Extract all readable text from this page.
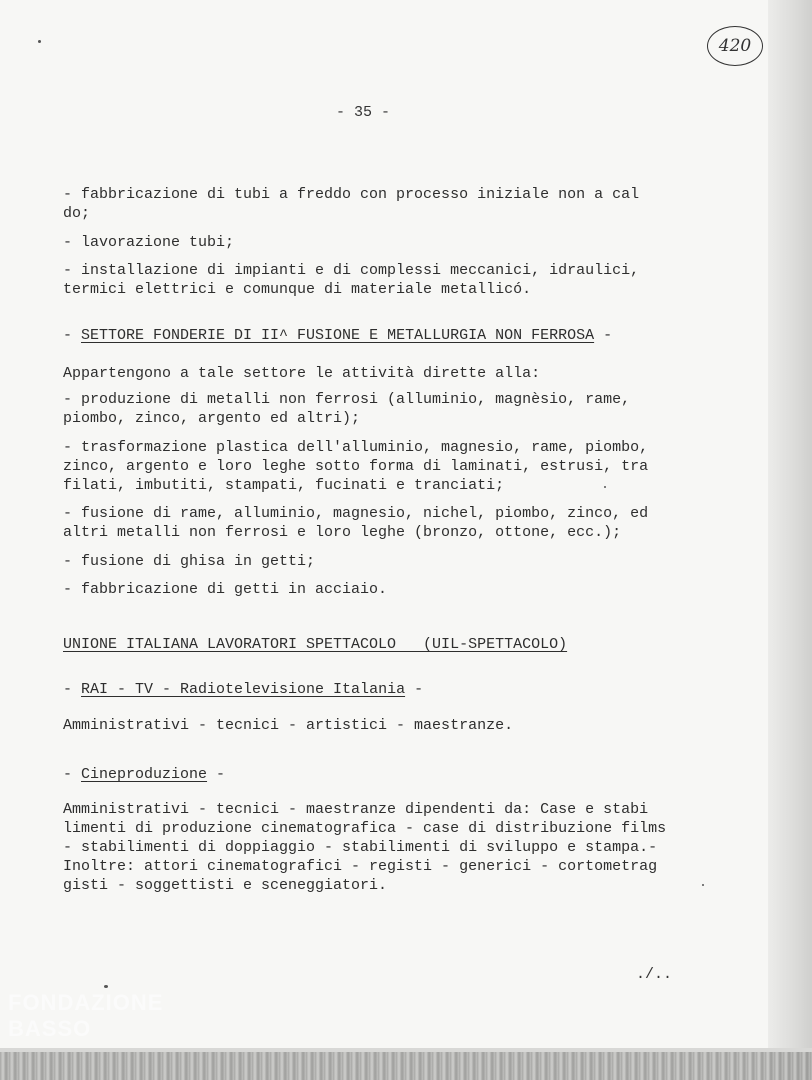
420
- 35 -
- fabbricazione di tubi a freddo con processo iniziale non a cal
do;
- lavorazione tubi;
- installazione di impianti e di complessi meccanici, idraulici,
termici elettrici e comunque di materiale metallicó.
- SETTORE FONDERIE DI II^ FUSIONE E METALLURGIA NON FERROSA -
Appartengono a tale settore le attività dirette alla:
- produzione di metalli non ferrosi (alluminio, magnèsio, rame,
piombo, zinco, argento ed altri);
- trasformazione plastica dell'alluminio, magnesio, rame, piombo,
zinco, argento e loro leghe sotto forma di laminati, estrusi, tra
filati, imbutiti, stampati, fucinati e tranciati;
- fusione di rame, alluminio, magnesio, nichel, piombo, zinco, ed
altri metalli non ferrosi e loro leghe (bronzo, ottone, ecc.);
- fusione di ghisa in getti;
- fabbricazione di getti in acciaio.
UNIONE ITALIANA LAVORATORI SPETTACOLO   (UIL-SPETTACOLO)
- RAI - TV - Radiotelevisione Italania -
Amministrativi - tecnici - artistici - maestranze.
- Cineproduzione -
Amministrativi - tecnici - maestranze dipendenti da: Case e stabi
limenti di produzione cinematografica - case di distribuzione films
- stabilimenti di doppiaggio - stabilimenti di sviluppo e stampa.-
Inoltre: attori cinematografici - registi - generici - cortometrag
gisti - soggettisti e sceneggiatori.
./..
FONDAZIONE
BASSO
